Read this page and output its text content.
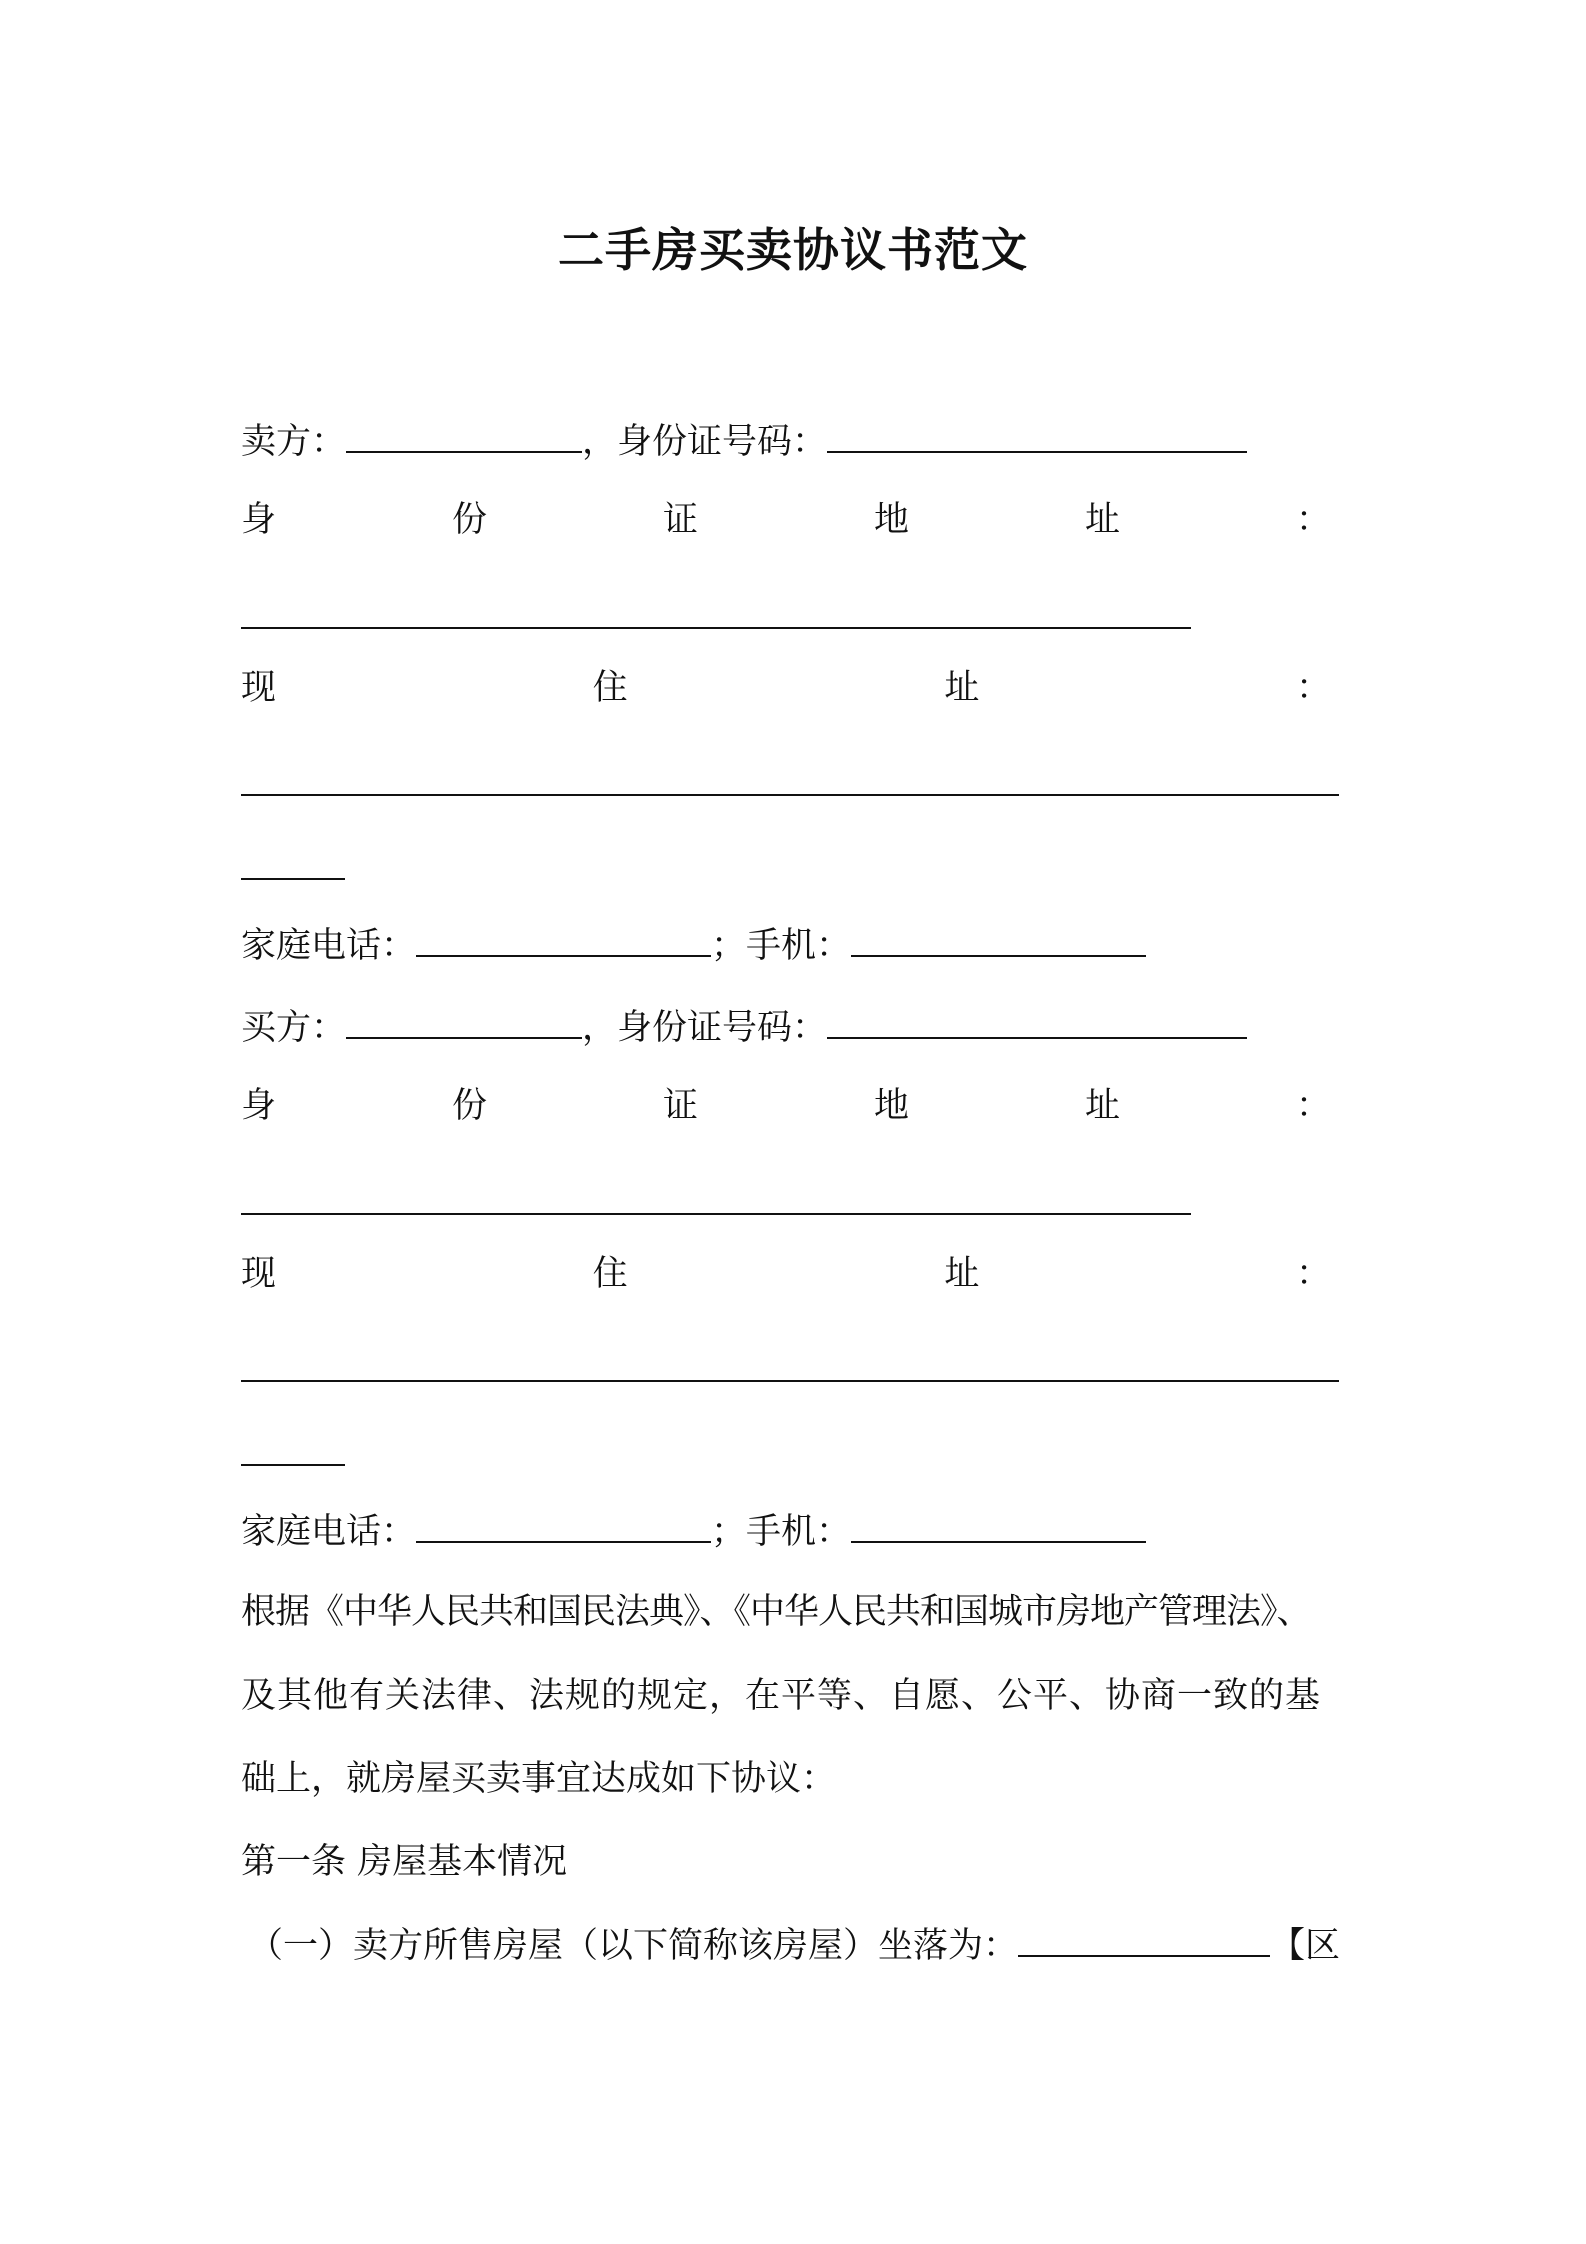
二手房买卖协议书范文
卖方：	，身份证号码：
身	份	证	地	址	：
现	住	址	：
家庭电话：	；手机：
买方：	，身份证号码：
身	份	证	地	址	：
现	住	址	：
家庭电话：	；手机：
根据《中华人民共和国民法典》、《中华人民共和国城市房地产管理法》、
及其他有关法律、法规的规定，在平等、自愿、公平、协商一致的基
础上，就房屋买卖事宜达成如下协议：
第一条 房屋基本情况
（一）卖方所售房屋（以下简称该房屋）坐落为：	【区
